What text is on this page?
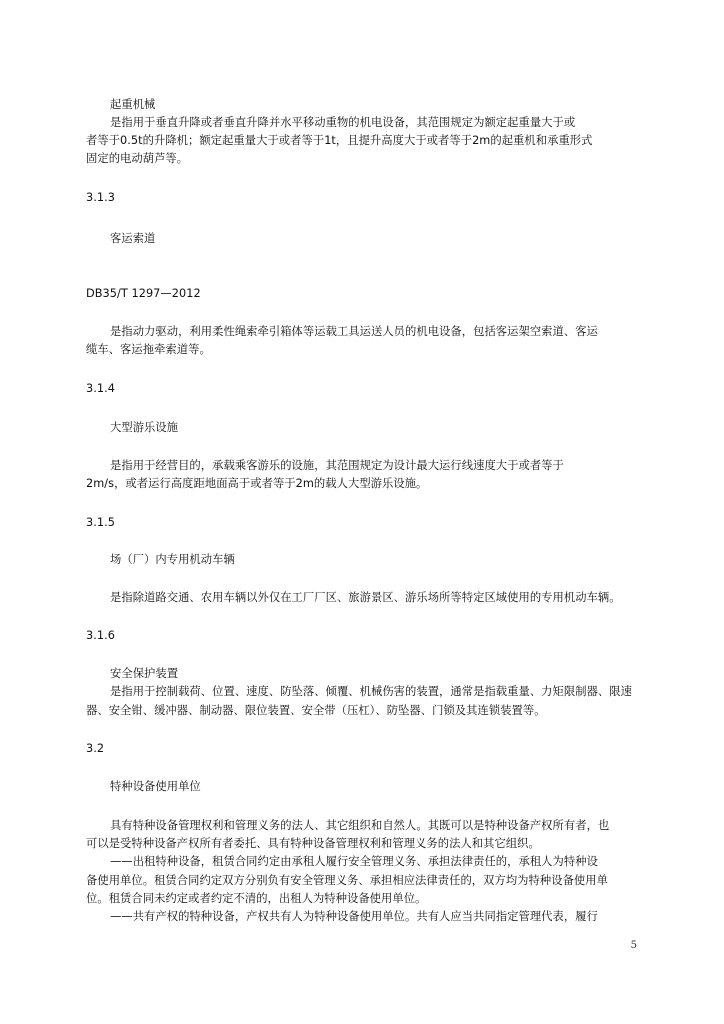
起重机械
是指用于垂直升降或者垂直升降并水平移动重物的机电设备，其范围规定为额定起重量大于或
者等于0.5t的升降机；额定起重量大于或者等于1t，且提升高度大于或者等于2m的起重机和承重形式
固定的电动葫芦等。
3.1.3
客运索道
DB35/T 1297—2012
是指动力驱动，利用柔性绳索牵引箱体等运载工具运送人员的机电设备，包括客运架空索道、客运
缆车、客运拖牵索道等。
3.1.4
大型游乐设施
是指用于经营目的，承载乘客游乐的设施，其范围规定为设计最大运行线速度大于或者等于
2m/s，或者运行高度距地面高于或者等于2m的载人大型游乐设施。
3.1.5
场（厂）内专用机动车辆
是指除道路交通、农用车辆以外仅在工厂厂区、旅游景区、游乐场所等特定区域使用的专用机动车辆。
3.1.6
安全保护装置
是指用于控制载荷、位置、速度、防坠落、倾覆、机械伤害的装置，通常是指载重量、力矩限制器、限速
器、安全钳、缓冲器、制动器、限位装置、安全带（压杠）、防坠器、门锁及其连锁装置等。
3.2
特种设备使用单位
具有特种设备管理权利和管理义务的法人、其它组织和自然人。其既可以是特种设备产权所有者，也
可以是受特种设备产权所有者委托、具有特种设备管理权利和管理义务的法人和其它组织。
——出租特种设备，租赁合同约定由承租人履行安全管理义务、承担法律责任的，承租人为特种设
备使用单位。租赁合同约定双方分别负有安全管理义务、承担相应法律责任的，双方均为特种设备使用单
位。租赁合同未约定或者约定不清的，出租人为特种设备使用单位。
——共有产权的特种设备，产权共有人为特种设备使用单位。共有人应当共同指定管理代表，履行
5
